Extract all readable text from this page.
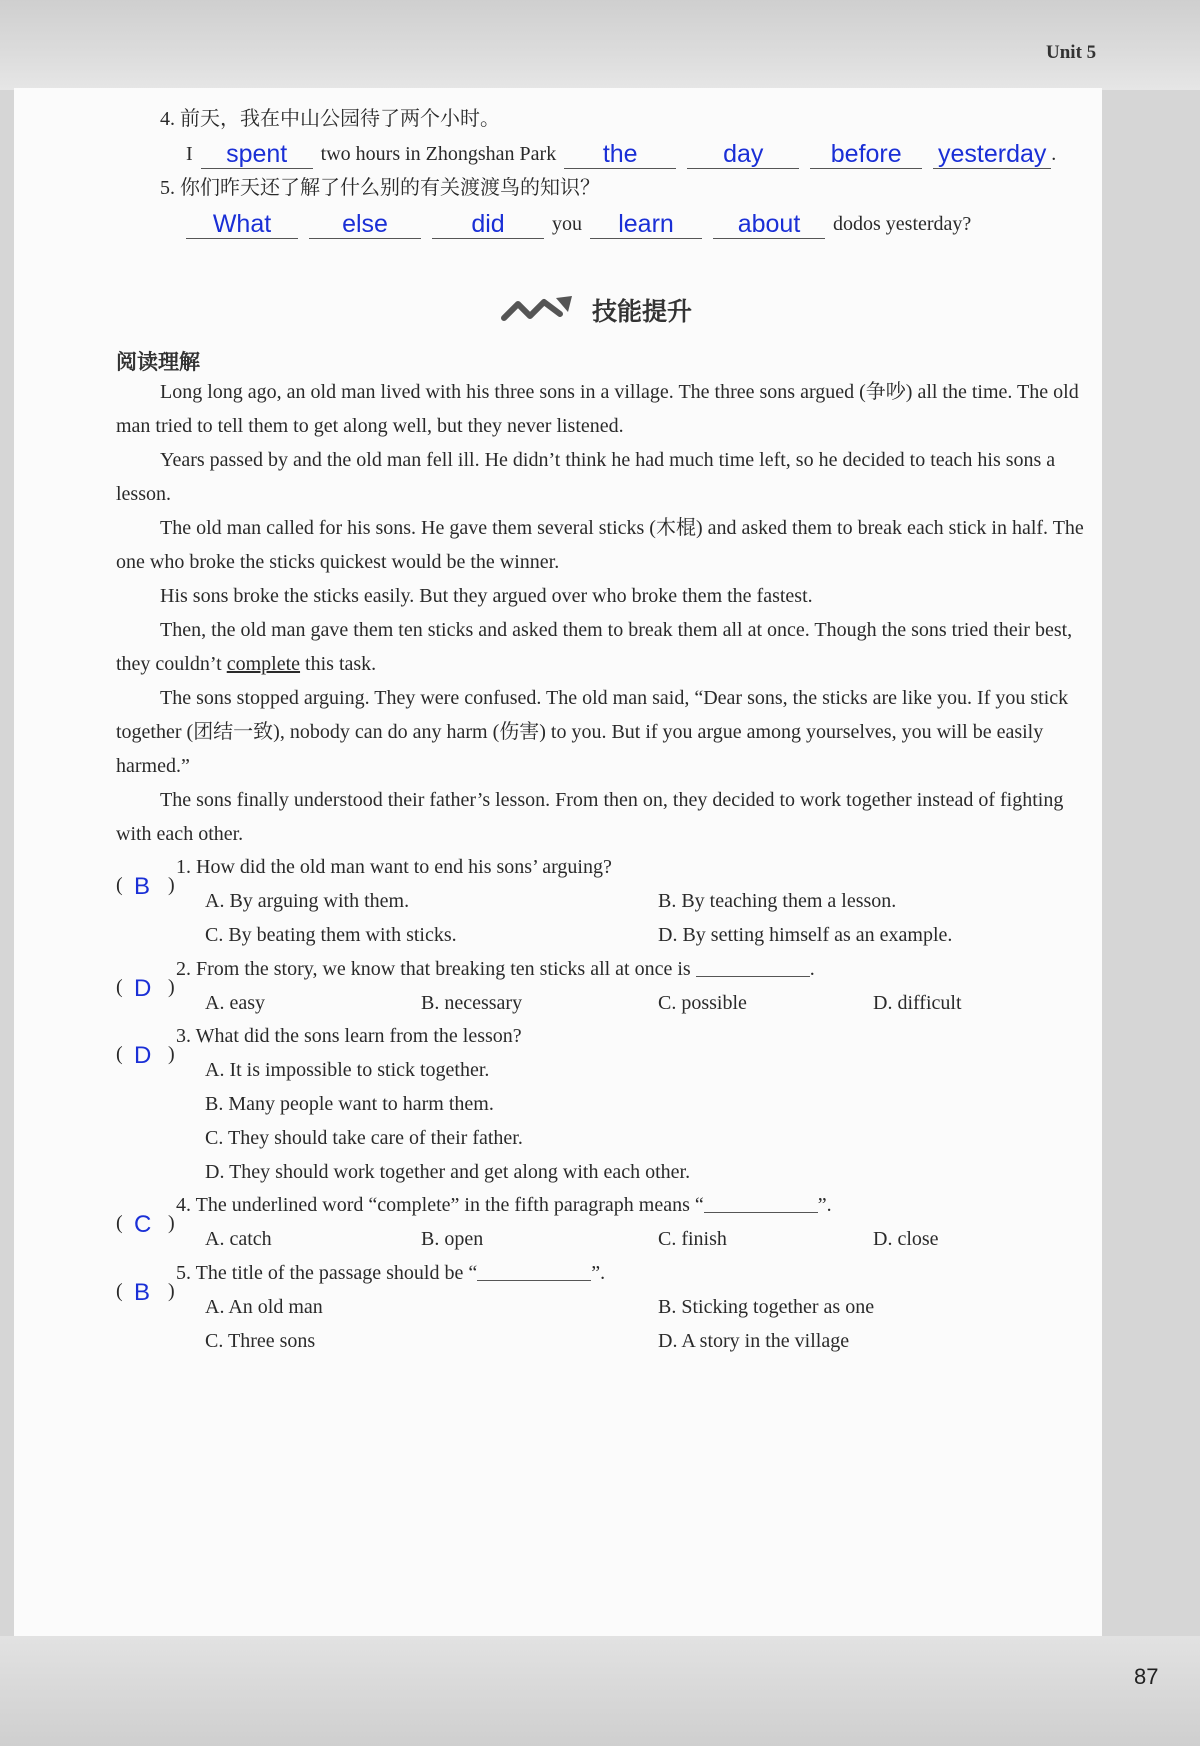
Unit 5
4. 前天，我在中山公园待了两个小时。
I spent two hours in Zhongshan Park the	day	before yesterday .
5. 你们昨天还了解了什么别的有关渡渡鸟的知识？
What	else	did you learn	about dodos yesterday?
技能提升
阅读理解
Long long ago, an old man lived with his three sons in a village. The three sons argued (争吵) all the time. The old man tried to tell them to get along well, but they never listened.
Years passed by and the old man fell ill. He didn’t think he had much time left, so he decided to teach his sons a lesson.
The old man called for his sons. He gave them several sticks (木棍) and asked them to break each stick in half. The one who broke the sticks quickest would be the winner.
His sons broke the sticks easily. But they argued over who broke them the fastest.
Then, the old man gave them ten sticks and asked them to break them all at once. Though the sons tried their best, they couldn’t complete this task.
The sons stopped arguing. They were confused. The old man said, “Dear sons, the sticks are like you. If you stick together (团结一致), nobody can do any harm (伤害) to you. But if you argue among yourselves, you will be easily harmed.”
The sons finally understood their father’s lesson. From then on, they decided to work together instead of fighting with each other.
( B )
1. How did the old man want to end his sons’ arguing?
A. By arguing with them.	B. By teaching them a lesson.
C. By beating them with sticks.	D. By setting himself as an example.
( D )
2. From the story, we know that breaking ten sticks all at once is	.
A. easy	B. necessary	C. possible	D. difficult
( D )
3. What did the sons learn from the lesson?
A. It is impossible to stick together.
B. Many people want to harm them.
C. They should take care of their father.
D. They should work together and get along with each other.
( C )
4. The underlined word “complete” in the fifth paragraph means “	”.
A. catch	B. open	C. finish	D. close
( B )
5. The title of the passage should be “	”.
A. An old man	B. Sticking together as one
C. Three sons	D. A story in the village
87
